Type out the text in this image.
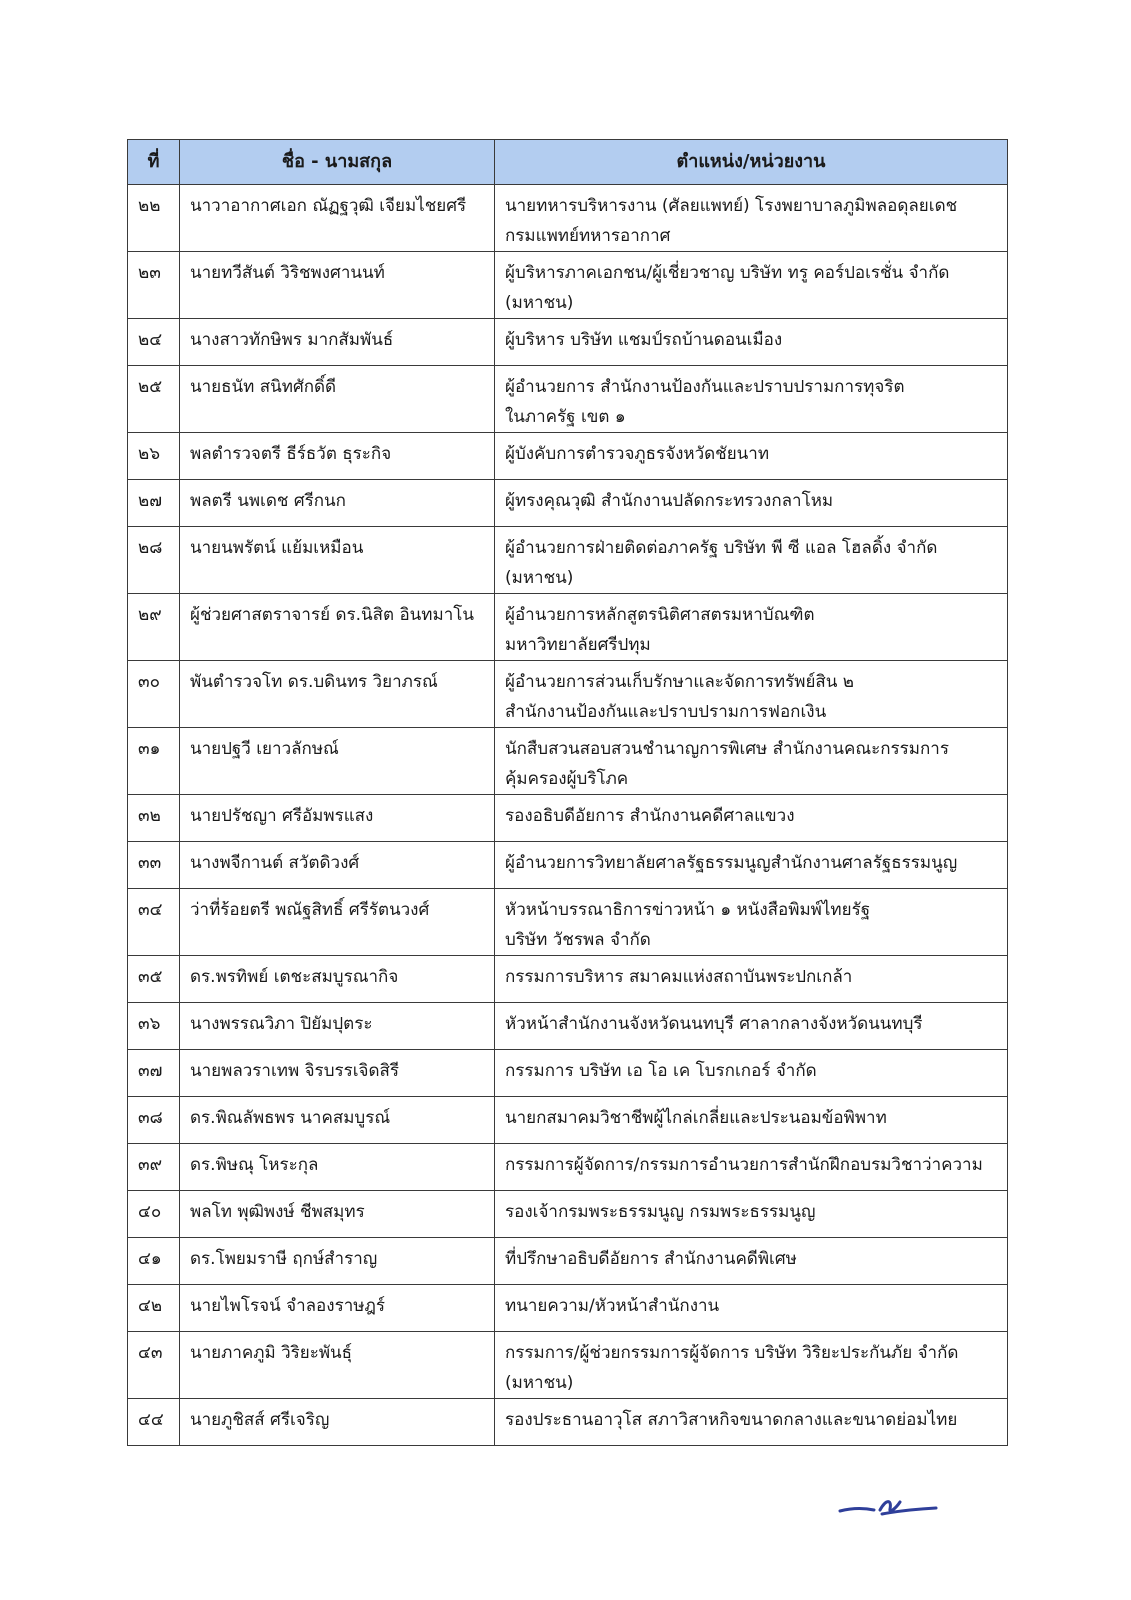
ที่	ชื่อ - นามสกุล	ตำแหน่ง/หน่วยงาน
๒๒	นาวาอากาศเอก ณัฏฐวุฒิ เจียมไชยศรี	นายทหารบริหารงาน (ศัลยแพทย์) โรงพยาบาลภูมิพลอดุลยเดช
กรมแพทย์ทหารอากาศ

๒๓	นายทวีสันต์ วิริชพงศานนท์	ผู้บริหารภาคเอกชน/ผู้เชี่ยวชาญ บริษัท ทรู คอร์ปอเรชั่น จำกัด
(มหาชน)

๒๔	นางสาวทักษิพร มากสัมพันธ์	ผู้บริหาร บริษัท แชมป์รถบ้านดอนเมือง

๒๕	นายธนัท สนิทศักดิ์ดี	ผู้อำนวยการ สำนักงานป้องกันและปราบปรามการทุจริต
ในภาครัฐ เขต ๑

๒๖	พลตำรวจตรี ธีร์ธวัต ธุระกิจ	ผู้บังคับการตำรวจภูธรจังหวัดชัยนาท

๒๗	พลตรี นพเดช ศรีกนก	ผู้ทรงคุณวุฒิ สำนักงานปลัดกระทรวงกลาโหม

๒๘	นายนพรัตน์ แย้มเหมือน	ผู้อำนวยการฝ่ายติดต่อภาครัฐ บริษัท พี ซี แอล โฮลดิ้ง จำกัด
(มหาชน)

๒๙	ผู้ช่วยศาสตราจารย์ ดร.นิสิต อินทมาโน	ผู้อำนวยการหลักสูตรนิติศาสตรมหาบัณฑิต
มหาวิทยาลัยศรีปทุม

๓๐	พันตำรวจโท ดร.บดินทร วิยาภรณ์	ผู้อำนวยการส่วนเก็บรักษาและจัดการทรัพย์สิน ๒
สำนักงานป้องกันและปราบปรามการฟอกเงิน

๓๑	นายปฐวี เยาวลักษณ์	นักสืบสวนสอบสวนชำนาญการพิเศษ สำนักงานคณะกรรมการ
คุ้มครองผู้บริโภค

๓๒	นายปรัชญา ศรีอัมพรแสง	รองอธิบดีอัยการ สำนักงานคดีศาลแขวง

๓๓	นางพจีกานต์ สวัตดิวงศ์	ผู้อำนวยการวิทยาลัยศาลรัฐธรรมนูญสำนักงานศาลรัฐธรรมนูญ

๓๔	ว่าที่ร้อยตรี พณัฐสิทธิ์ ศรีรัตนวงศ์	หัวหน้าบรรณาธิการข่าวหน้า ๑ หนังสือพิมพ์ไทยรัฐ
บริษัท วัชรพล จำกัด

๓๕	ดร.พรทิพย์ เตชะสมบูรณากิจ	กรรมการบริหาร สมาคมแห่งสถาบันพระปกเกล้า

๓๖	นางพรรณวิภา ปิยัมปุตระ	หัวหน้าสำนักงานจังหวัดนนทบุรี ศาลากลางจังหวัดนนทบุรี

๓๗	นายพลวราเทพ จิรบรรเจิดสิรี	กรรมการ บริษัท เอ โอ เค โบรกเกอร์ จำกัด

๓๘	ดร.พิณลัพธพร นาคสมบูรณ์	นายกสมาคมวิชาชีพผู้ไกล่เกลี่ยและประนอมข้อพิพาท

๓๙	ดร.พิษณุ โหระกุล	กรรมการผู้จัดการ/กรรมการอำนวยการสำนักฝึกอบรมวิชาว่าความ

๔๐	พลโท พุฒิพงษ์ ชีพสมุทร	รองเจ้ากรมพระธรรมนูญ กรมพระธรรมนูญ

๔๑	ดร.โพยมราษี ฤกษ์สำราญ	ที่ปรึกษาอธิบดีอัยการ สำนักงานคดีพิเศษ

๔๒	นายไพโรจน์ จำลองราษฎร์	ทนายความ/หัวหน้าสำนักงาน

๔๓	นายภาคภูมิ วิริยะพันธุ์	กรรมการ/ผู้ช่วยกรรมการผู้จัดการ บริษัท วิริยะประกันภัย จำกัด
(มหาชน)

๔๔	นายภูชิสส์ ศรีเจริญ	รองประธานอาวุโส สภาวิสาหกิจขนาดกลางและขนาดย่อมไทย
